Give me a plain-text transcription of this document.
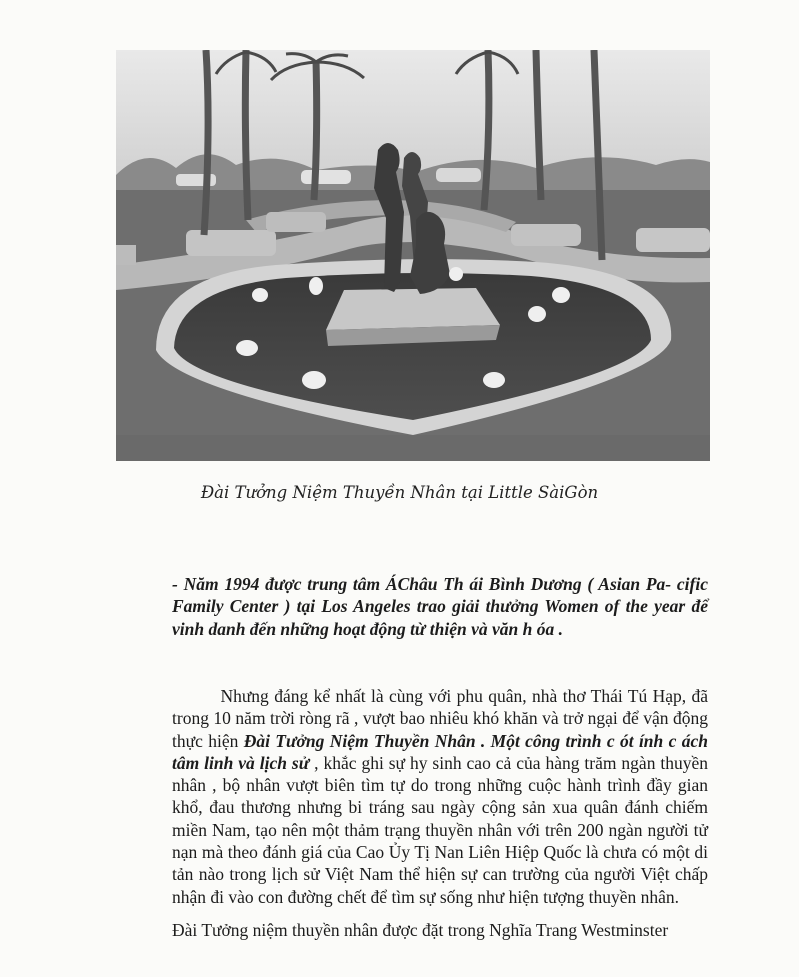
Đài Tưởng Niệm Thuyền Nhân tại Little SàiGòn
- Năm 1994 được trung tâm ÁChâu Th ái Bình Dương ( Asian Pa- cific Family Center ) tại Los Angeles trao giải thưởng Women of the year để vinh danh đến những hoạt động từ thiện và văn h óa .
Nhưng đáng kể nhất là cùng với phu quân, nhà thơ Thái Tú Hạp, đã trong 10 năm trời ròng rã , vượt bao nhiêu khó khăn và trở ngại để vận động thực hiện Đài Tưởng Niệm Thuyền Nhân . Một công trình c ót ính c ách tâm linh và lịch sử , khắc ghi sự hy sinh cao cả của hàng trăm ngàn thuyền nhân , bộ nhân vượt biên tìm tự do trong những cuộc hành trình đầy gian khổ, đau thương nhưng bi tráng sau ngày cộng sản xua quân đánh chiếm miền Nam, tạo nên một thảm trạng thuyền nhân với trên 200 ngàn người tử nạn mà theo đánh giá của Cao Ủy Tị Nan Liên Hiệp Quốc là chưa có một di tản nào trong lịch sử Việt Nam thể hiện sự can trường của người Việt chấp nhận đi vào con đường chết để tìm sự sống như hiện tượng thuyền nhân.
Đài Tưởng niệm thuyền nhân được đặt trong Nghĩa Trang Westminster
